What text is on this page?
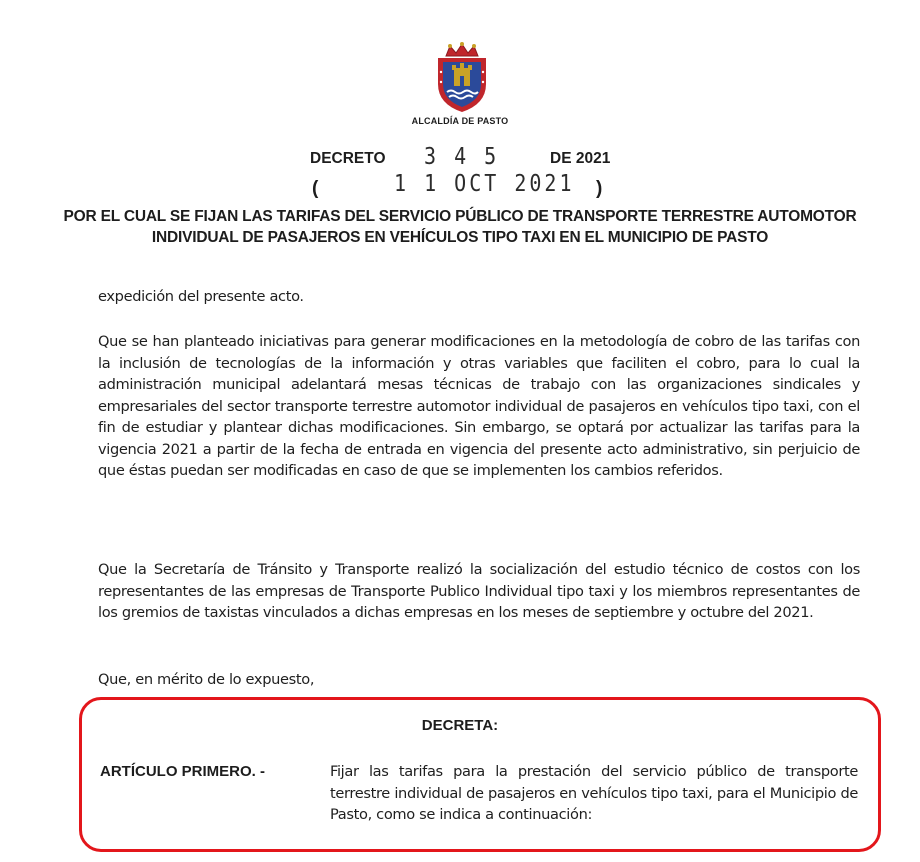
ALCALDÍA DE PASTO
DECRETO 3 4 5	DE 2021
(	1 1 OCT 2021 )
POR EL CUAL SE FIJAN LAS TARIFAS DEL SERVICIO PÚBLICO DE TRANSPORTE TERRESTRE AUTOMOTOR INDIVIDUAL DE PASAJEROS EN VEHÍCULOS TIPO TAXI EN EL MUNICIPIO DE PASTO
expedición del presente acto.
Que se han planteado iniciativas para generar modificaciones en la metodología de cobro de las tarifas con la inclusión de tecnologías de la información y otras variables que faciliten el cobro, para lo cual la administración municipal adelantará mesas técnicas de trabajo con las organizaciones sindicales y empresariales del sector transporte terrestre automotor individual de pasajeros en vehículos tipo taxi, con el fin de estudiar y plantear dichas modificaciones. Sin embargo, se optará por actualizar las tarifas para la vigencia 2021 a partir de la fecha de entrada en vigencia del presente acto administrativo, sin perjuicio de que éstas puedan ser modificadas en caso de que se implementen los cambios referidos.
Que la Secretaría de Tránsito y Transporte realizó la socialización del estudio técnico de costos con los representantes de las empresas de Transporte Publico Individual tipo taxi y los miembros representantes de los gremios de taxistas vinculados a dichas empresas en los meses de septiembre y octubre del 2021.
Que, en mérito de lo expuesto,
DECRETA:
ARTÍCULO PRIMERO. -	Fijar las tarifas para la prestación del servicio público de transporte terrestre individual de pasajeros en vehículos tipo taxi, para el Municipio de Pasto, como se indica a continuación:
